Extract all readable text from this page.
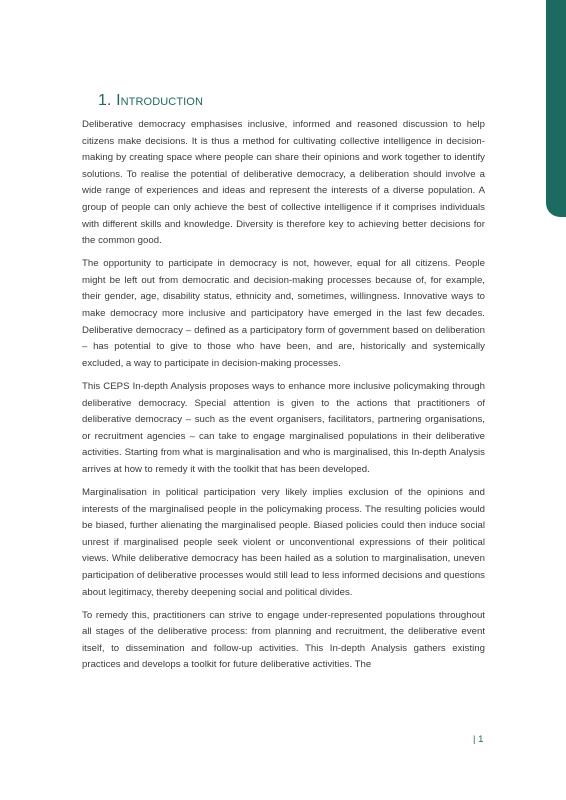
1. Introduction

Deliberative democracy emphasises inclusive, informed and reasoned discussion to help citizens make decisions. It is thus a method for cultivating collective intelligence in decision-making by creating space where people can share their opinions and work together to identify solutions. To realise the potential of deliberative democracy, a deliberation should involve a wide range of experiences and ideas and represent the interests of a diverse population. A group of people can only achieve the best of collective intelligence if it comprises individuals with different skills and knowledge. Diversity is therefore key to achieving better decisions for the common good.

The opportunity to participate in democracy is not, however, equal for all citizens. People might be left out from democratic and decision-making processes because of, for example, their gender, age, disability status, ethnicity and, sometimes, willingness. Innovative ways to make democracy more inclusive and participatory have emerged in the last few decades. Deliberative democracy – defined as a participatory form of government based on deliberation – has potential to give to those who have been, and are, historically and systemically excluded, a way to participate in decision-making processes.

This CEPS In-depth Analysis proposes ways to enhance more inclusive policymaking through deliberative democracy. Special attention is given to the actions that practitioners of deliberative democracy – such as the event organisers, facilitators, partnering organisations, or recruitment agencies – can take to engage marginalised populations in their deliberative activities. Starting from what is marginalisation and who is marginalised, this In-depth Analysis arrives at how to remedy it with the toolkit that has been developed.

Marginalisation in political participation very likely implies exclusion of the opinions and interests of the marginalised people in the policymaking process. The resulting policies would be biased, further alienating the marginalised people. Biased policies could then induce social unrest if marginalised people seek violent or unconventional expressions of their political views. While deliberative democracy has been hailed as a solution to marginalisation, uneven participation of deliberative processes would still lead to less informed decisions and questions about legitimacy, thereby deepening social and political divides.

To remedy this, practitioners can strive to engage under-represented populations throughout all stages of the deliberative process: from planning and recruitment, the deliberative event itself, to dissemination and follow-up activities. This In-depth Analysis gathers existing practices and develops a toolkit for future deliberative activities. The

| 1
